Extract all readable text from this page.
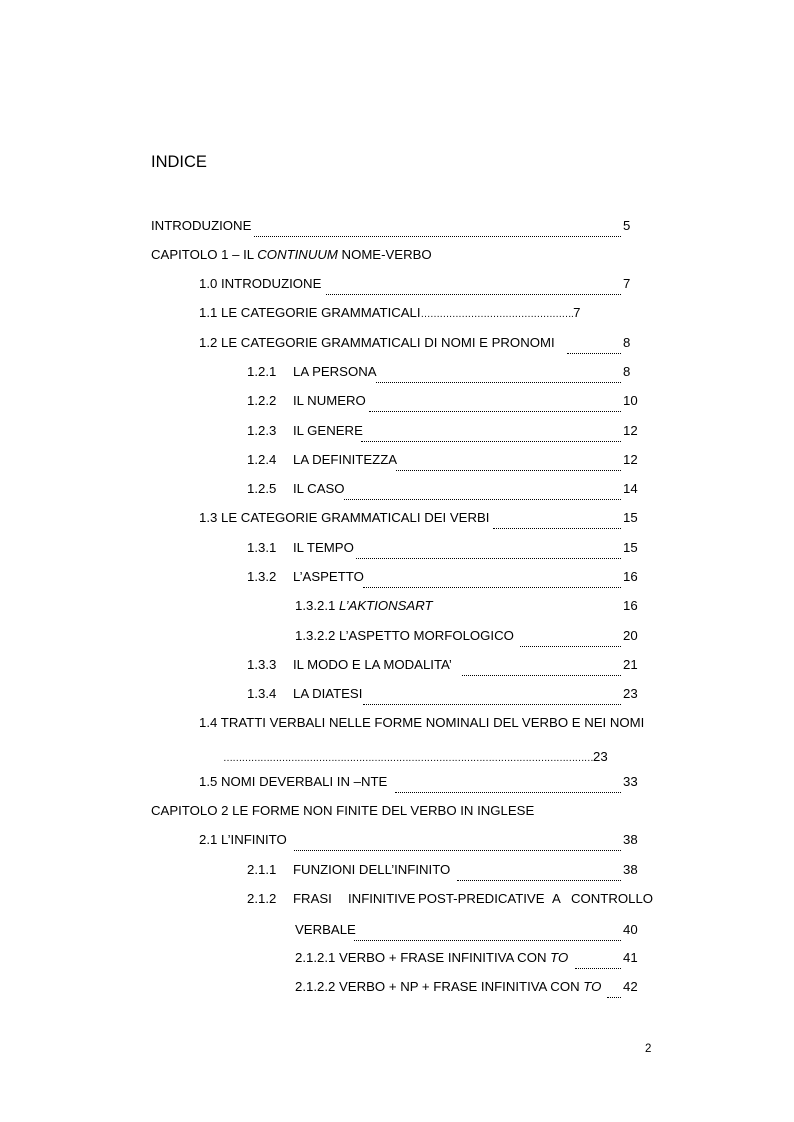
INDICE
INTRODUZIONE	5
CAPITOLO 1 – IL CONTINUUM NOME-VERBO
1.0 INTRODUZIONE	7
1.1 LE CATEGORIE GRAMMATICALI………………………………………….7
1.2 LE CATEGORIE GRAMMATICALI DI NOMI E PRONOMI	8
1.2.1 LA PERSONA	8
1.2.2 IL NUMERO	10
1.2.3 IL GENERE	12
1.2.4 LA DEFINITEZZA	12
1.2.5 IL CASO	14
1.3 LE CATEGORIE GRAMMATICALI DEI VERBI	15
1.3.1 IL TEMPO	15
1.3.2 L’ASPETTO	16
1.3.2.1 L’AKTIONSART	16
1.3.2.2 L’ASPETTO MORFOLOGICO	20
1.3.3 IL MODO E LA MODALITA’	21
1.3.4 LA DIATESI	23
1.4 TRATTI VERBALI NELLE FORME NOMINALI DEL VERBO E NEI NOMI
…………………………………………………………………………………………………………23
1.5 NOMI DEVERBALI IN –NTE	33
CAPITOLO 2 LE FORME NON FINITE DEL VERBO IN INGLESE
2.1 L’INFINITO	38
2.1.1 FUNZIONI DELL’INFINITO	38
2.1.2 FRASI INFINITIVE POST-PREDICATIVE A CONTROLLO
VERBALE	40
2.1.2.1 VERBO + FRASE INFINITIVA CON TO	41
2.1.2.2 VERBO + NP + FRASE INFINITIVA CON TO 42
2
